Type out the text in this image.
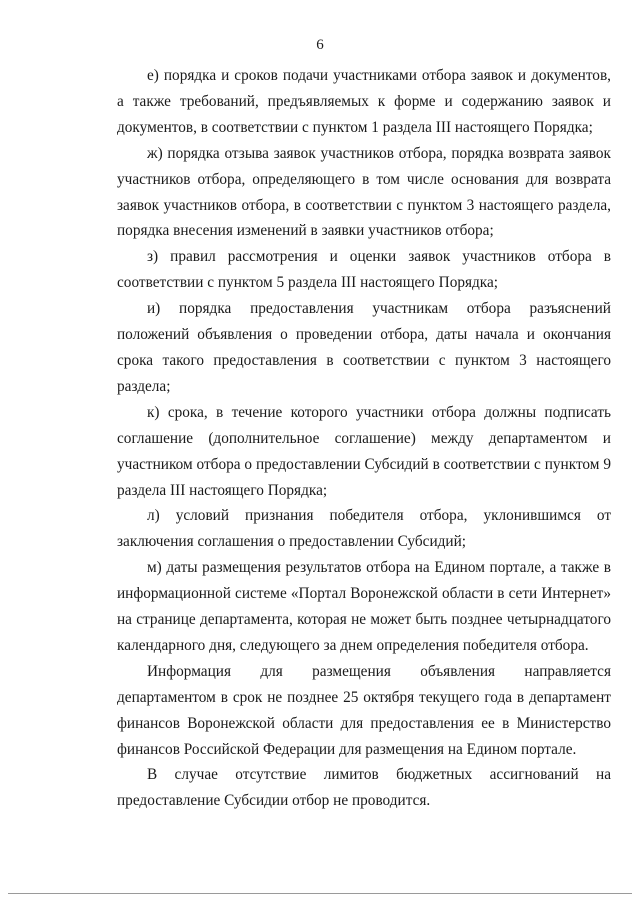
6

е) порядка и сроков подачи участниками отбора заявок и документов, а также требований, предъявляемых к форме и содержанию заявок и документов, в соответствии с пунктом 1 раздела III настоящего Порядка;

ж) порядка отзыва заявок участников отбора, порядка возврата заявок участников отбора, определяющего в том числе основания для возврата заявок участников отбора, в соответствии с пунктом 3 настоящего раздела, порядка внесения изменений в заявки участников отбора;

з) правил рассмотрения и оценки заявок участников отбора в соответствии с пунктом 5 раздела III настоящего Порядка;

и) порядка предоставления участникам отбора разъяснений положений объявления о проведении отбора, даты начала и окончания срока такого предоставления в соответствии с пунктом 3 настоящего раздела;

к) срока, в течение которого участники отбора должны подписать соглашение (дополнительное соглашение) между департаментом и участником отбора о предоставлении Субсидий в соответствии с пунктом 9 раздела III настоящего Порядка;

л) условий признания победителя отбора, уклонившимся от заключения соглашения о предоставлении Субсидий;

м) даты размещения результатов отбора на Едином портале, а также в информационной системе «Портал Воронежской области в сети Интернет» на странице департамента, которая не может быть позднее четырнадцатого календарного дня, следующего за днем определения победителя отбора.

Информация для размещения объявления направляется департаментом в срок не позднее 25 октября текущего года в департамент финансов Воронежской области для предоставления ее в Министерство финансов Российской Федерации для размещения на Едином портале.

В случае отсутствие лимитов бюджетных ассигнований на предоставление Субсидии отбор не проводится.
